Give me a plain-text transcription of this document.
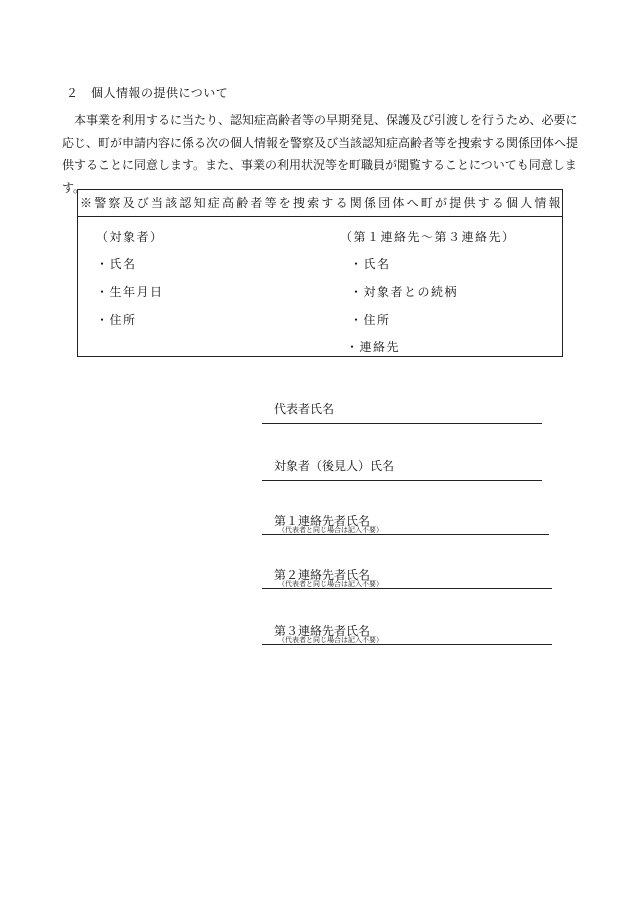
２　個人情報の提供について
　本事業を利用するに当たり、認知症高齢者等の早期発見、保護及び引渡しを行うため、必要に
応じ、町が申請内容に係る次の個人情報を警察及び当該認知症高齢者等を捜索する関係団体へ提
供することに同意します。また、事業の利用状況等を町職員が閲覧することについても同意しま
す。
※警察及び当該認知症高齢者等を捜索する関係団体へ町が提供する個人情報
（対象者）
・氏名
・生年月日
・住所
（第１連絡先～第３連絡先）
・氏名
・対象者との続柄
・住所
・連絡先
代表者氏名
対象者（後見人）氏名
第１連絡先者氏名
（代表者と同じ場合は記入不要）
第２連絡先者氏名
（代表者と同じ場合は記入不要）
第３連絡先者氏名
（代表者と同じ場合は記入不要）
